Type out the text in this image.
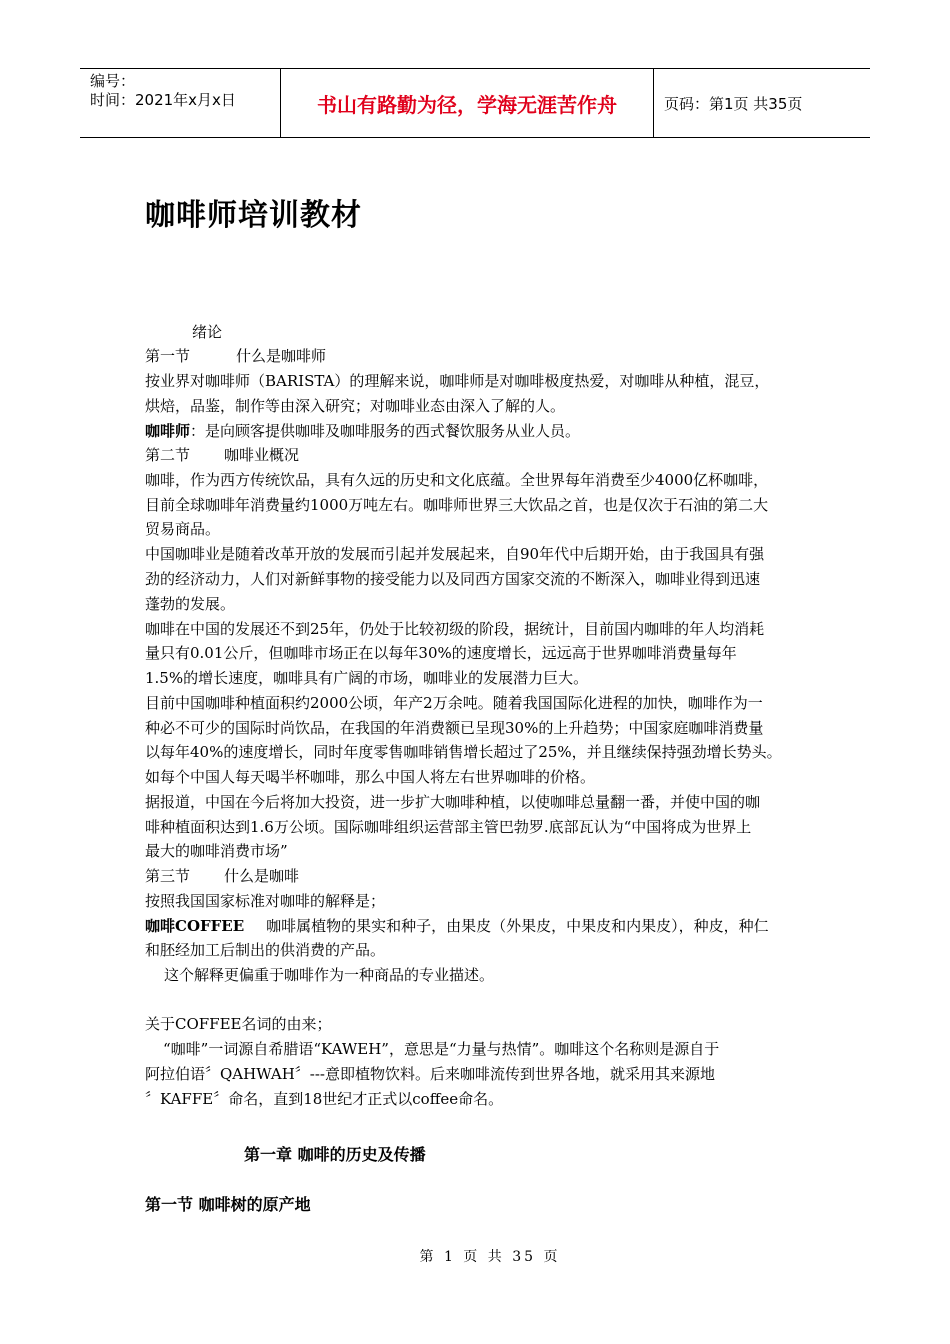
编号：
时间：2021年x月x日	书山有路勤为径，学海无涯苦作舟	页码：第1页 共35页
咖啡师培训教材
绪论
第一节	什么是咖啡师
按业界对咖啡师（BARISTA）的理解来说，咖啡师是对咖啡极度热爱，对咖啡从种植，混豆，
烘焙，品鉴，制作等由深入研究；对咖啡业态由深入了解的人。
咖啡师：是向顾客提供咖啡及咖啡服务的西式餐饮服务从业人员。
第二节 咖啡业概况
咖啡，作为西方传统饮品，具有久远的历史和文化底蕴。全世界每年消费至少4000亿杯咖啡，
目前全球咖啡年消费量约1000万吨左右。咖啡师世界三大饮品之首，也是仅次于石油的第二大
贸易商品。
中国咖啡业是随着改革开放的发展而引起并发展起来，自90年代中后期开始，由于我国具有强
劲的经济动力，人们对新鲜事物的接受能力以及同西方国家交流的不断深入，咖啡业得到迅速
蓬勃的发展。
咖啡在中国的发展还不到25年，仍处于比较初级的阶段，据统计，目前国内咖啡的年人均消耗
量只有0.01公斤，但咖啡市场正在以每年30%的速度增长，远远高于世界咖啡消费量每年
1.5%的增长速度，咖啡具有广阔的市场，咖啡业的发展潜力巨大。
目前中国咖啡种植面积约2000公顷，年产2万余吨。随着我国国际化进程的加快，咖啡作为一
种必不可少的国际时尚饮品，在我国的年消费额已呈现30%的上升趋势；中国家庭咖啡消费量
以每年40%的速度增长，同时年度零售咖啡销售增长超过了25%，并且继续保持强劲增长势头。
如每个中国人每天喝半杯咖啡，那么中国人将左右世界咖啡的价格。
据报道，中国在今后将加大投资，进一步扩大咖啡种植，以使咖啡总量翻一番，并使中国的咖
啡种植面积达到1.6万公顷。国际咖啡组织运营部主管巴勃罗.底部瓦认为“中国将成为世界上
最大的咖啡消费市场”
第三节 什么是咖啡
按照我国国家标准对咖啡的解释是；
咖啡COFFEE 咖啡属植物的果实和种子，由果皮（外果皮，中果皮和内果皮），种皮，种仁
和胚经加工后制出的供消费的产品。
这个解释更偏重于咖啡作为一种商品的专业描述。
关于COFFEE名词的由来；
“咖啡”一词源自希腊语“KAWEH”，意思是“力量与热情”。咖啡这个名称则是源自于
阿拉伯语〞QAHWAH〞---意即植物饮料。后来咖啡流传到世界各地，就采用其来源地
〞KAFFE〞命名，直到18世纪才正式以coffee命名。
第一章 咖啡的历史及传播
第一节 咖啡树的原产地
第 1 页 共 35 页
